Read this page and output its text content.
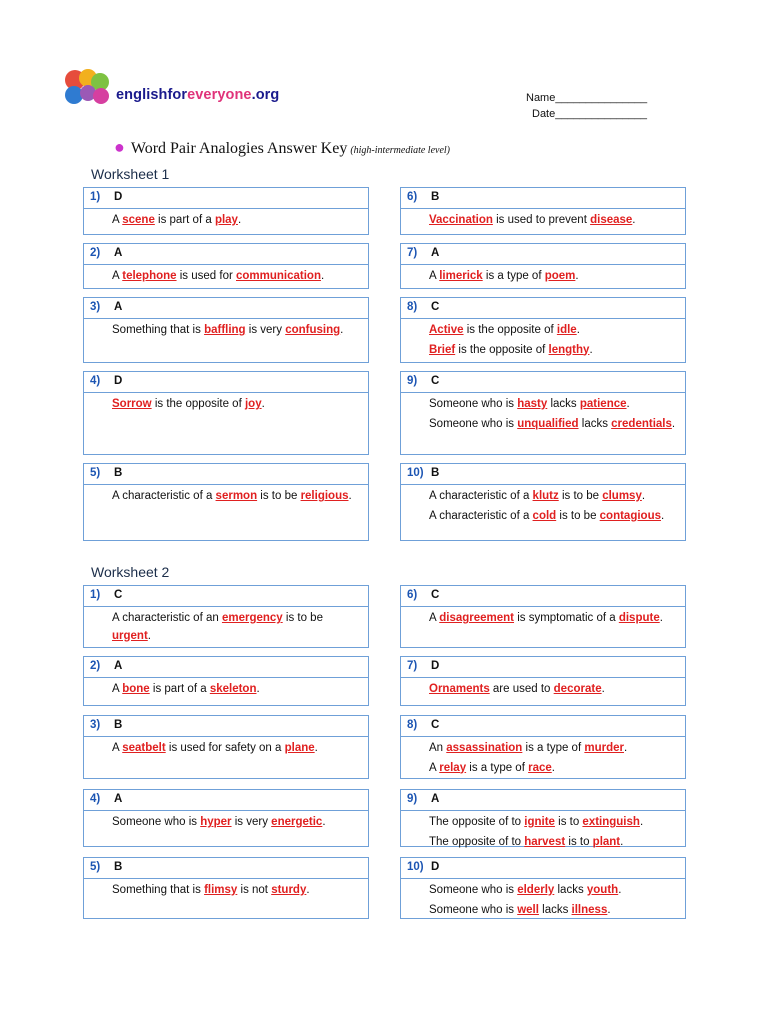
englishforeveryone.org	Name_______________
Date_______________
● Word Pair Analogies Answer Key (high-intermediate level)
Worksheet 1
1) D

A scene is part of a play.

2) A

A telephone is used for communication.

3) A

Something that is baffling is very confusing.

4) D

Sorrow is the opposite of joy.

5) B

A characteristic of a sermon is to be religious.

6) B

Vaccination is used to prevent disease.

7) A

A limerick is a type of poem.

8) C

Active is the opposite of idle.

Brief is the opposite of lengthy.

9) C

Someone who is hasty lacks patience.

Someone who is unqualified lacks credentials.

10) B

A characteristic of a klutz is to be clumsy.

A characteristic of a cold is to be contagious.

Worksheet 2
1) C

A characteristic of an emergency is to be urgent.

2) A

A bone is part of a skeleton.

3) B

A seatbelt is used for safety on a plane.

4) A

Someone who is hyper is very energetic.

5) B

Something that is flimsy is not sturdy.

6) C

A disagreement is symptomatic of a dispute.

7) D

Ornaments are used to decorate.

8) C

An assassination is a type of murder.

A relay is a type of race.

9) A

The opposite of to ignite is to extinguish.

The opposite of to harvest is to plant.

10) D

Someone who is elderly lacks youth.

Someone who is well lacks illness.
